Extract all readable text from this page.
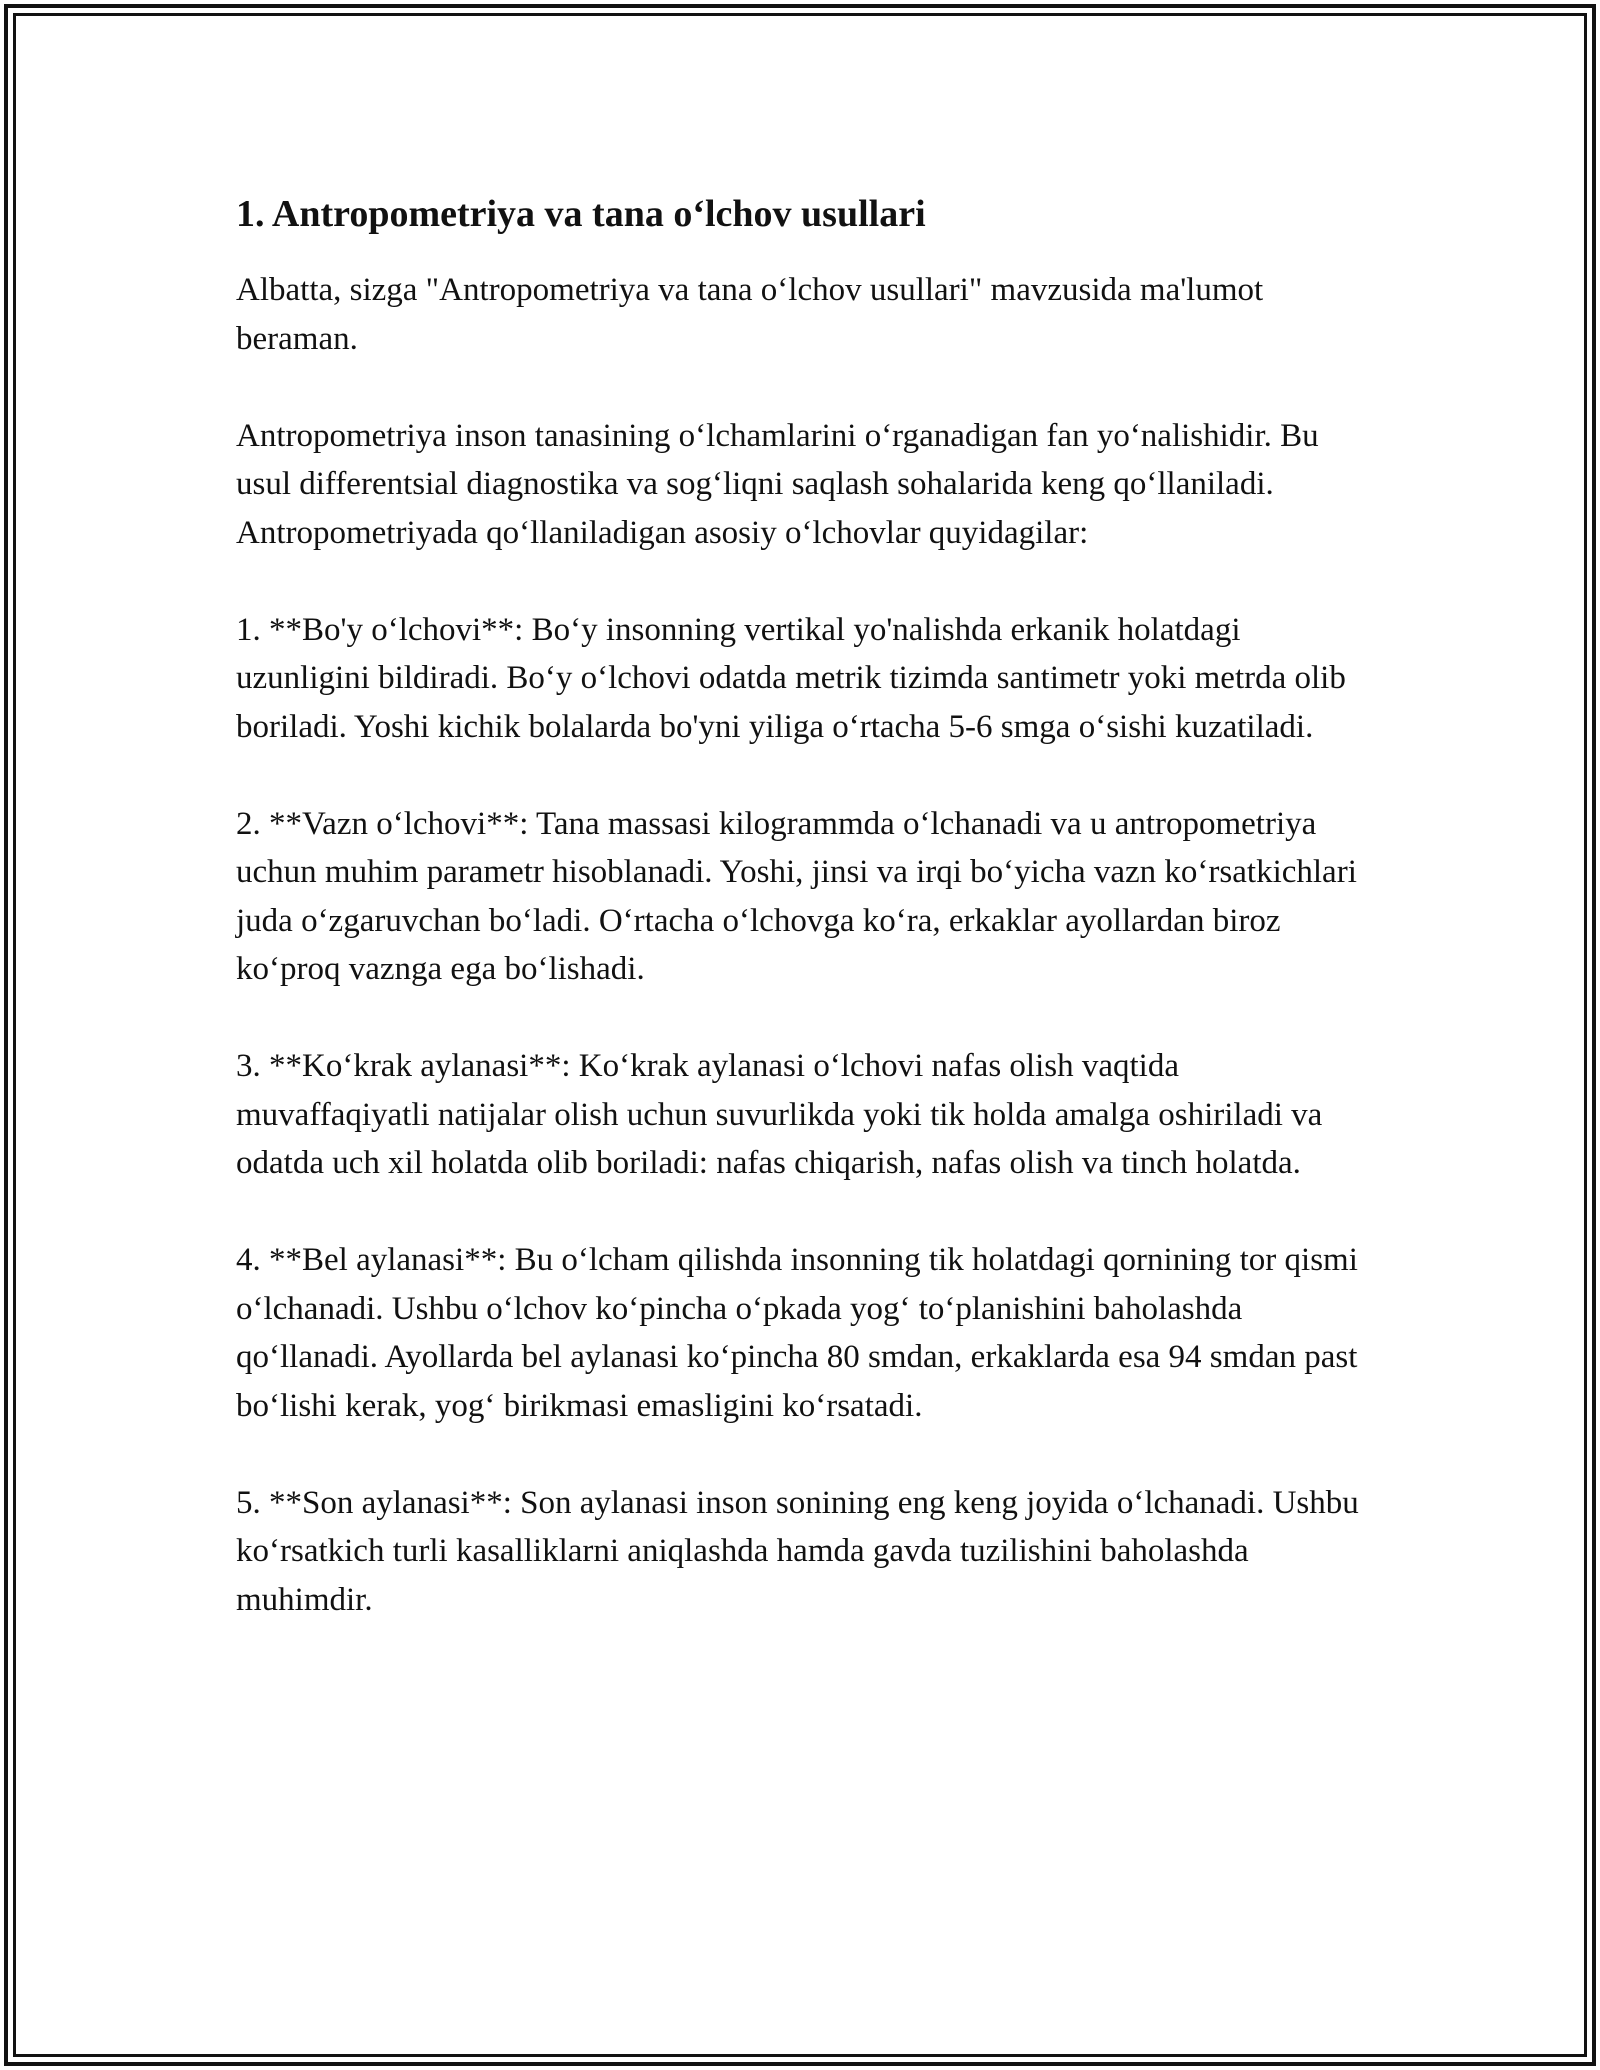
1. Antropometriya va tana o‘lchov usullari

Albatta, sizga "Antropometriya va tana o‘lchov usullari" mavzusida ma'lumot beraman.

Antropometriya inson tanasining o‘lchamlarini o‘rganadigan fan yo‘nalishidir. Bu usul differentsial diagnostika va sog‘liqni saqlash sohalarida keng qo‘llaniladi. Antropometriyada qo‘llaniladigan asosiy o‘lchovlar quyidagilar:

1. **Bo'y o‘lchovi**: Bo‘y insonning vertikal yo'nalishda erkanik holatdagi uzunligini bildiradi. Bo‘y o‘lchovi odatda metrik tizimda santimetr yoki metrda olib boriladi. Yoshi kichik bolalarda bo'yni yiliga o‘rtacha 5-6 smga o‘sishi kuzatiladi.

2. **Vazn o‘lchovi**: Tana massasi kilogrammda o‘lchanadi va u antropometriya uchun muhim parametr hisoblanadi. Yoshi, jinsi va irqi bo‘yicha vazn ko‘rsatkichlari juda o‘zgaruvchan bo‘ladi. O‘rtacha o‘lchovga ko‘ra, erkaklar ayollardan biroz ko‘proq vaznga ega bo‘lishadi.

3. **Ko‘krak aylanasi**: Ko‘krak aylanasi o‘lchovi nafas olish vaqtida muvaffaqiyatli natijalar olish uchun suvurlikda yoki tik holda amalga oshiriladi va odatda uch xil holatda olib boriladi: nafas chiqarish, nafas olish va tinch holatda.

4. **Bel aylanasi**: Bu o‘lcham qilishda insonning tik holatdagi qornining tor qismi o‘lchanadi. Ushbu o‘lchov ko‘pincha o‘pkada yog‘ to‘planishini baholashda qo‘llanadi. Ayollarda bel aylanasi ko‘pincha 80 smdan, erkaklarda esa 94 smdan past bo‘lishi kerak, yog‘ birikmasi emasligini ko‘rsatadi.

5. **Son aylanasi**: Son aylanasi inson sonining eng keng joyida o‘lchanadi. Ushbu ko‘rsatkich turli kasalliklarni aniqlashda hamda gavda tuzilishini baholashda muhimdir.
